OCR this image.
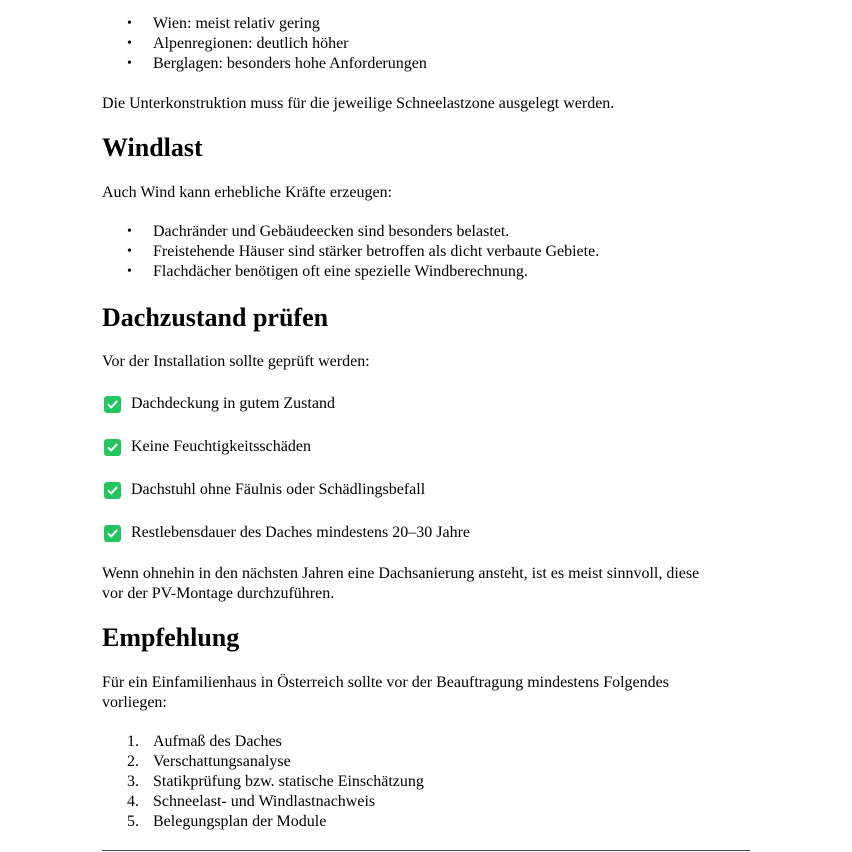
• Wien: meist relativ gering
• Alpenregionen: deutlich höher
• Berglagen: besonders hohe Anforderungen

Die Unterkonstruktion muss für die jeweilige Schneelastzone ausgelegt werden.

Windlast

Auch Wind kann erhebliche Kräfte erzeugen:

• Dachränder und Gebäudeecken sind besonders belastet.
• Freistehende Häuser sind stärker betroffen als dicht verbaute Gebiete.
• Flachdächer benötigen oft eine spezielle Windberechnung.
Dachzustand prüfen

Vor der Installation sollte geprüft werden:

Dachdeckung in gutem Zustand
Keine Feuchtigkeitsschäden
Dachstuhl ohne Fäulnis oder Schädlingsbefall
Restlebensdauer des Daches mindestens 20–30 Jahre

Wenn ohnehin in den nächsten Jahren eine Dachsanierung ansteht, ist es meist sinnvoll, diese

vor der PV-Montage durchzuführen.

Empfehlung

Für ein Einfamilienhaus in Österreich sollte vor der Beauftragung mindestens Folgendes

vorliegen:

1. Aufmaß des Daches
2. Verschattungsanalyse
3. Statikprüfung bzw. statische Einschätzung
4. Schneelast- und Windlastnachweis
5. Belegungsplan der Module
